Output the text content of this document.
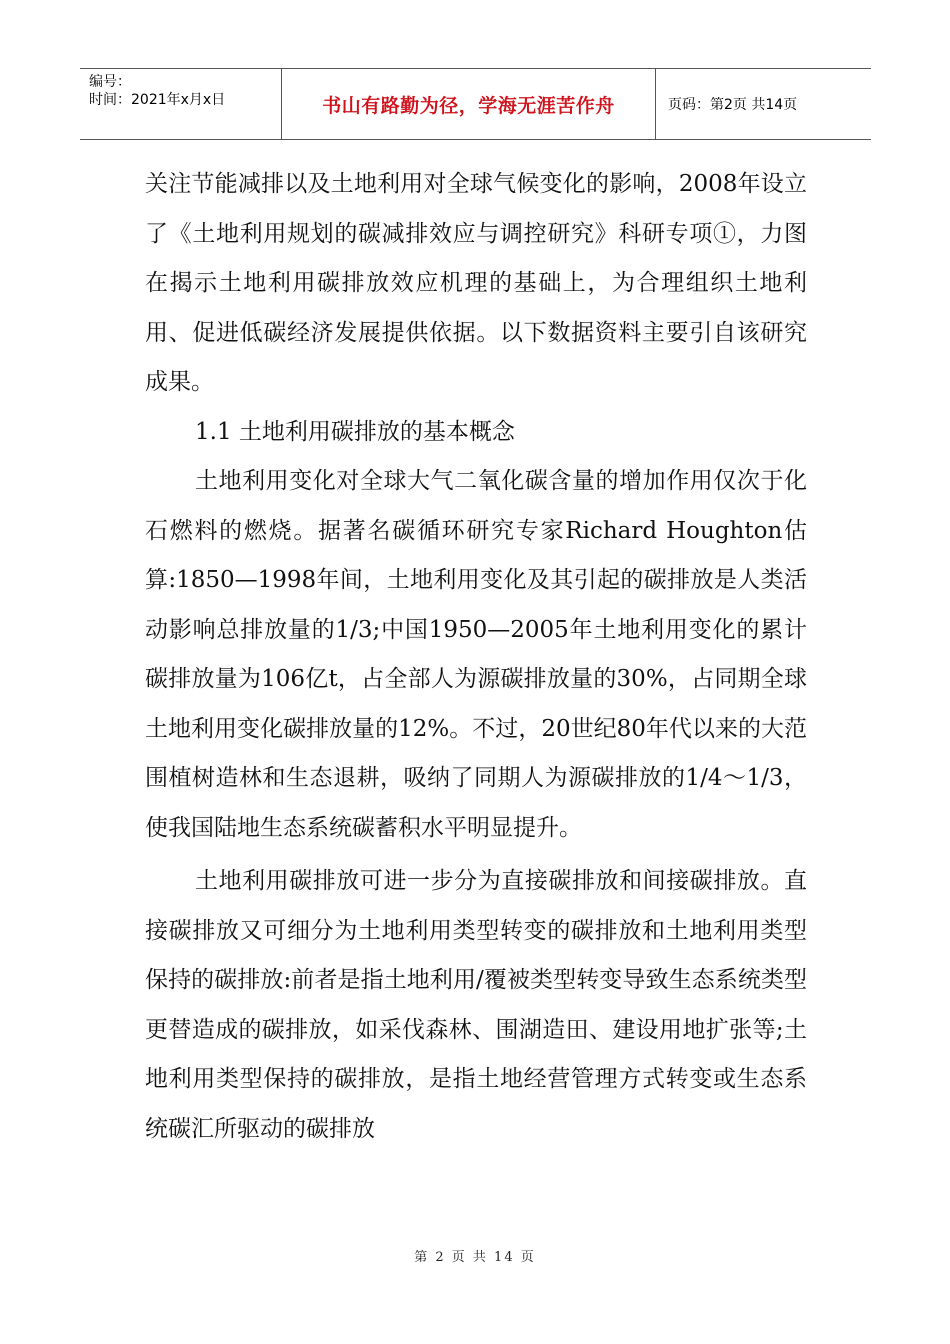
编号：
时间：2021年x月x日	书山有路勤为径，学海无涯苦作舟	页码：第2页 共14页

关注节能减排以及土地利用对全球气候变化的影响，2008年设立了《土地利用规划的碳减排效应与调控研究》科研专项①，力图在揭示土地利用碳排放效应机理的基础上，为合理组织土地利用、促进低碳经济发展提供依据。以下数据资料主要引自该研究成果。

1.1 土地利用碳排放的基本概念

土地利用变化对全球大气二氧化碳含量的增加作用仅次于化石燃料的燃烧。据著名碳循环研究专家Richard Houghton估算:1850—1998年间，土地利用变化及其引起的碳排放是人类活动影响总排放量的1/3;中国1950—2005年土地利用变化的累计碳排放量为106亿t，占全部人为源碳排放量的30%，占同期全球土地利用变化碳排放量的12%。不过，20世纪80年代以来的大范围植树造林和生态退耕，吸纳了同期人为源碳排放的1/4～1/3，使我国陆地生态系统碳蓄积水平明显提升。

土地利用碳排放可进一步分为直接碳排放和间接碳排放。直接碳排放又可细分为土地利用类型转变的碳排放和土地利用类型保持的碳排放:前者是指土地利用/覆被类型转变导致生态系统类型更替造成的碳排放，如采伐森林、围湖造田、建设用地扩张等;土地利用类型保持的碳排放，是指土地经营管理方式转变或生态系统碳汇所驱动的碳排放

第 2 页 共 14 页
